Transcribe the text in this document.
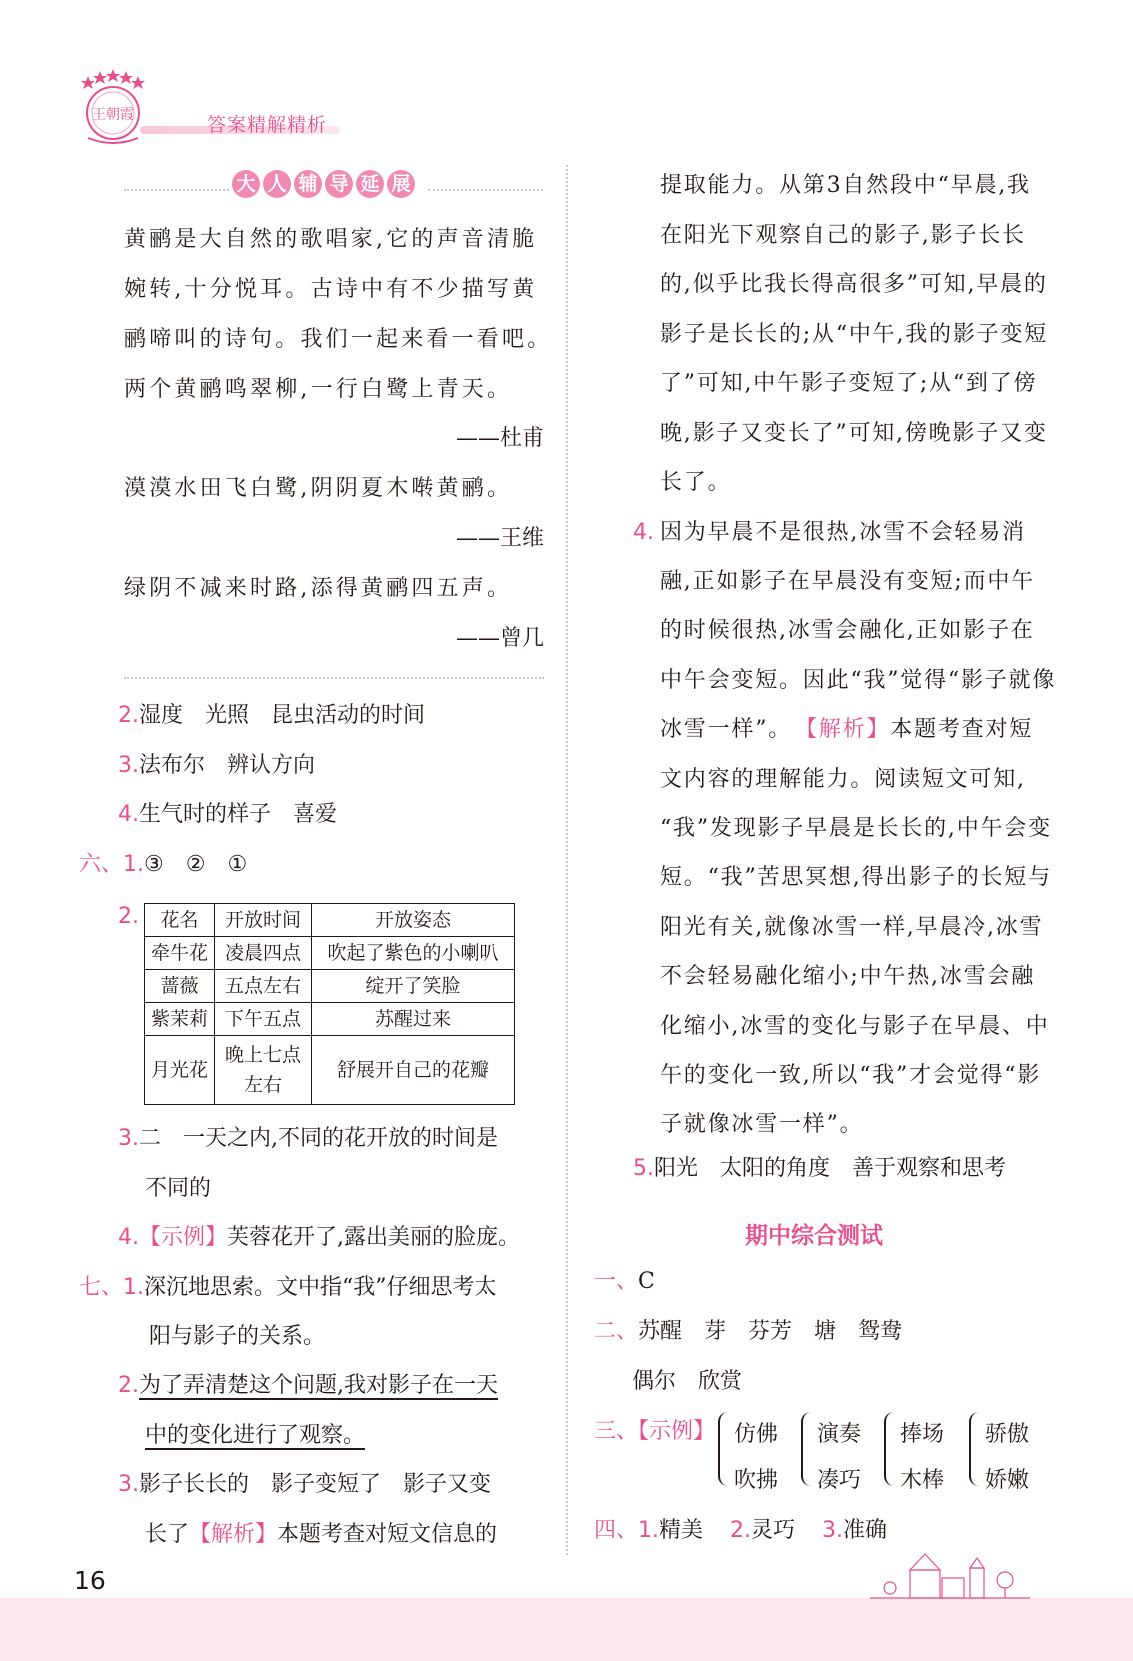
王朝霞	答案精解精析
大 人 辅 导 延 展
黄鹂是大自然的歌唱家,它的声音清脆
婉转,十分悦耳。古诗中有不少描写黄
鹂啼叫的诗句。我们一起来看一看吧。
两个黄鹂鸣翠柳,一行白鹭上青天。
——杜甫
漠漠水田飞白鹭,阴阴夏木啭黄鹂。
——王维
绿阴不减来时路,添得黄鹂四五声。
——曾几
2.湿度　光照　昆虫活动的时间
3.法布尔　辨认方向
4.生气时的样子　喜爱
六、1.③　②　①
2. 花名	开放时间	开放姿态
牵牛花	凌晨四点	吹起了紫色的小喇叭
蔷薇	五点左右	绽开了笑脸
紫茉莉	下午五点	苏醒过来
月光花	晚上七点左右	舒展开自己的花瓣
3.二　一天之内,不同的花开放的时间是
不同的
4.【示例】芙蓉花开了,露出美丽的脸庞。
七、1.深沉地思索。文中指“我”仔细思考太
阳与影子的关系。
2.为了弄清楚这个问题,我对影子在一天
中的变化进行了观察。
3.影子长长的　影子变短了　影子又变
长了【解析】本题考查对短文信息的
提取能力。从第3自然段中“早晨,我
在阳光下观察自己的影子,影子长长
的,似乎比我长得高很多”可知,早晨的
影子是长长的;从“中午,我的影子变短
了”可知,中午影子变短了;从“到了傍
晚,影子又变长了”可知,傍晚影子又变
长了。
4. 因为早晨不是很热,冰雪不会轻易消
融,正如影子在早晨没有变短;而中午
的时候很热,冰雪会融化,正如影子在
中午会变短。因此“我”觉得“影子就像
冰雪一样”。 【解析】本题考查对短
文内容的理解能力。阅读短文可知,
“我”发现影子早晨是长长的,中午会变
短。“我”苦思冥想,得出影子的长短与
阳光有关,就像冰雪一样,早晨冷,冰雪
不会轻易融化缩小;中午热,冰雪会融
化缩小,冰雪的变化与影子在早晨、中
午的变化一致,所以“我”才会觉得“影
子就像冰雪一样”。
5.阳光　太阳的角度　善于观察和思考
期中综合测试
一、C
二、苏醒　芽　芬芳　塘　鸳鸯
偶尔　欣赏
三、【示例】 仿佛
吹拂
演奏
凑巧
捧场
木棒
骄傲
娇嫩
四、1.精美 2.灵巧 3.准确
16
